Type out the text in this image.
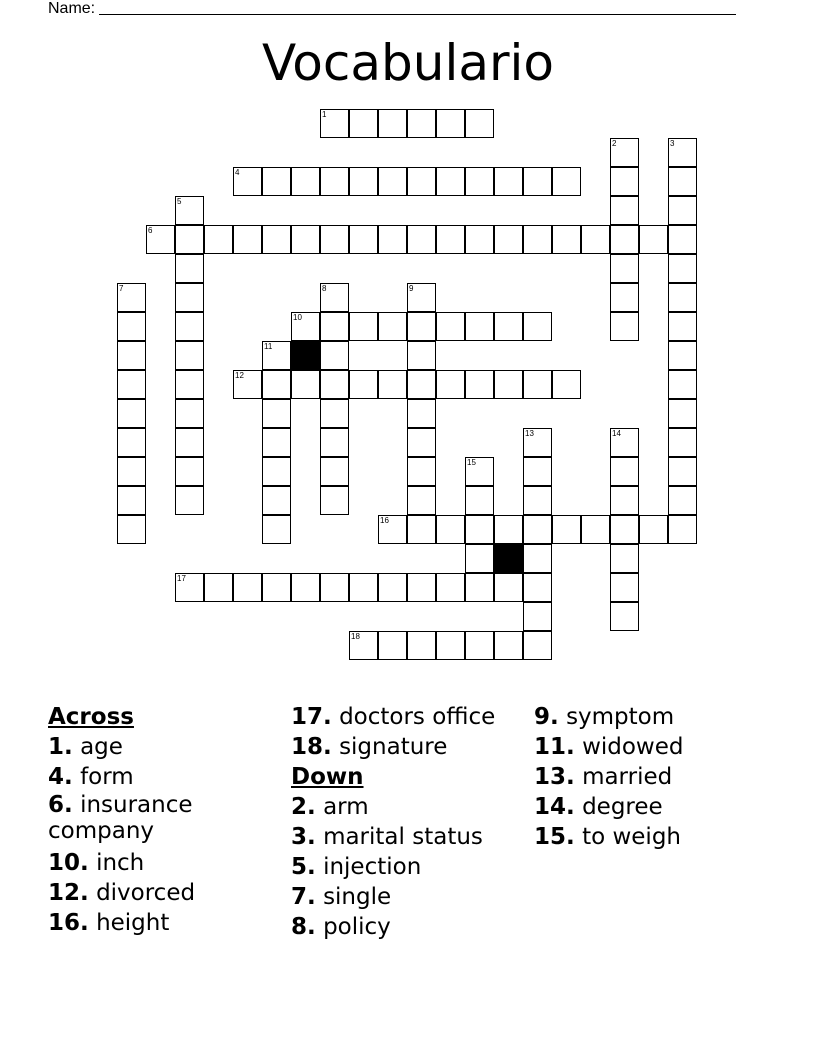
Name:
Vocabulario
1
4
6
10
11
12
16
17
18
2	3
5
7	8	9
13	14
15
Across
1. age
4. form
6. insurance company
10. inch
12. divorced
16. height
17. doctors office
18. signature
Down
2. arm
3. marital status
5. injection
7. single
8. policy
9. symptom
11. widowed
13. married
14. degree
15. to weigh
